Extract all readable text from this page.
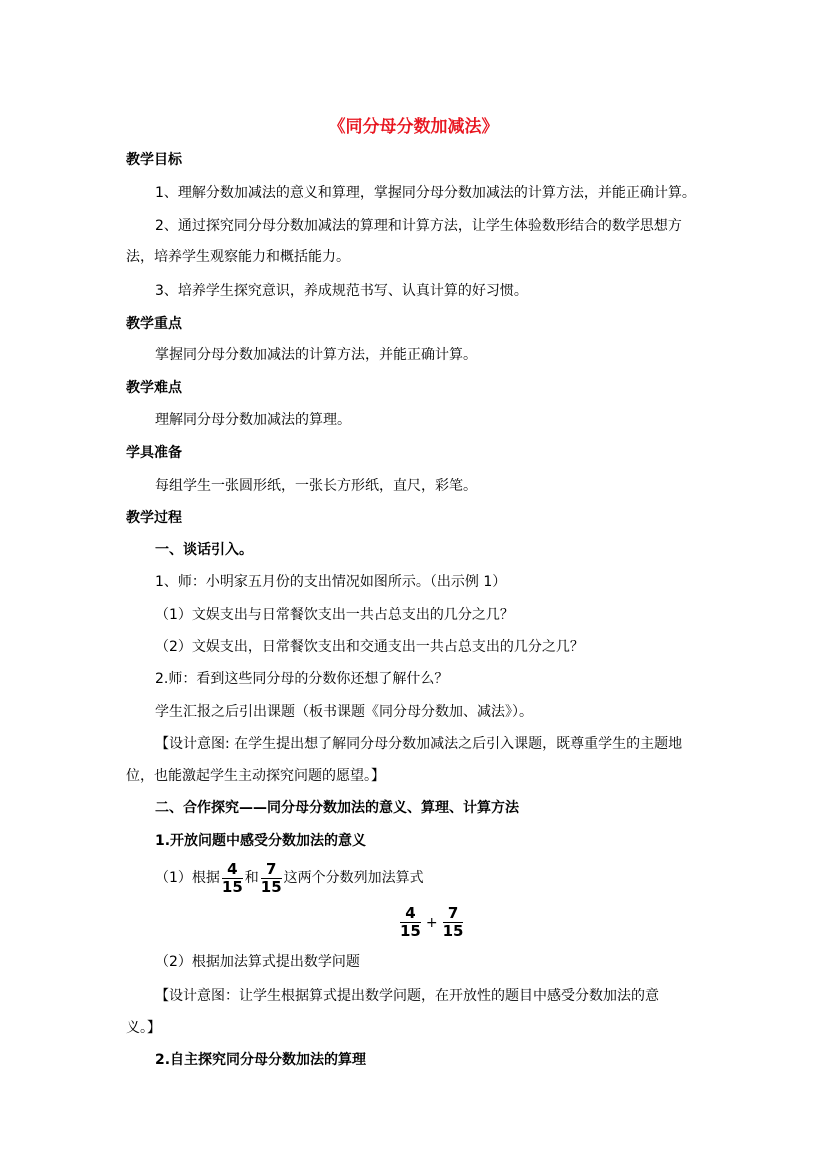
《同分母分数加减法》
教学目标
1、理解分数加减法的意义和算理，掌握同分母分数加减法的计算方法，并能正确计算。
2、通过探究同分母分数加减法的算理和计算方法，让学生体验数形结合的数学思想方
法，培养学生观察能力和概括能力。
3、培养学生探究意识，养成规范书写、认真计算的好习惯。
教学重点
掌握同分母分数加减法的计算方法，并能正确计算。
教学难点
理解同分母分数加减法的算理。
学具准备
每组学生一张圆形纸，一张长方形纸，直尺，彩笔。
教学过程
一、谈话引入。
1、师：小明家五月份的支出情况如图所示。（出示例 1）
（1）文娱支出与日常餐饮支出一共占总支出的几分之几？
（2）文娱支出，日常餐饮支出和交通支出一共占总支出的几分之几？
2.师：看到这些同分母的分数你还想了解什么？
学生汇报之后引出课题（板书课题《同分母分数加、减法》）。
【设计意图: 在学生提出想了解同分母分数加减法之后引入课题，既尊重学生的主题地
位，也能激起学生主动探究问题的愿望。】
二、合作探究——同分母分数加法的意义、算理、计算方法
1.开放问题中感受分数加法的意义
（1）根据 $\frac{4}{15}$ 和 $\frac{7}{15}$ 这两个分数列加法算式
$\frac{4}{15} + \frac{7}{15}$
（2）根据加法算式提出数学问题
【设计意图：让学生根据算式提出数学问题，在开放性的题目中感受分数加法的意
义。】
2.自主探究同分母分数加法的算理
